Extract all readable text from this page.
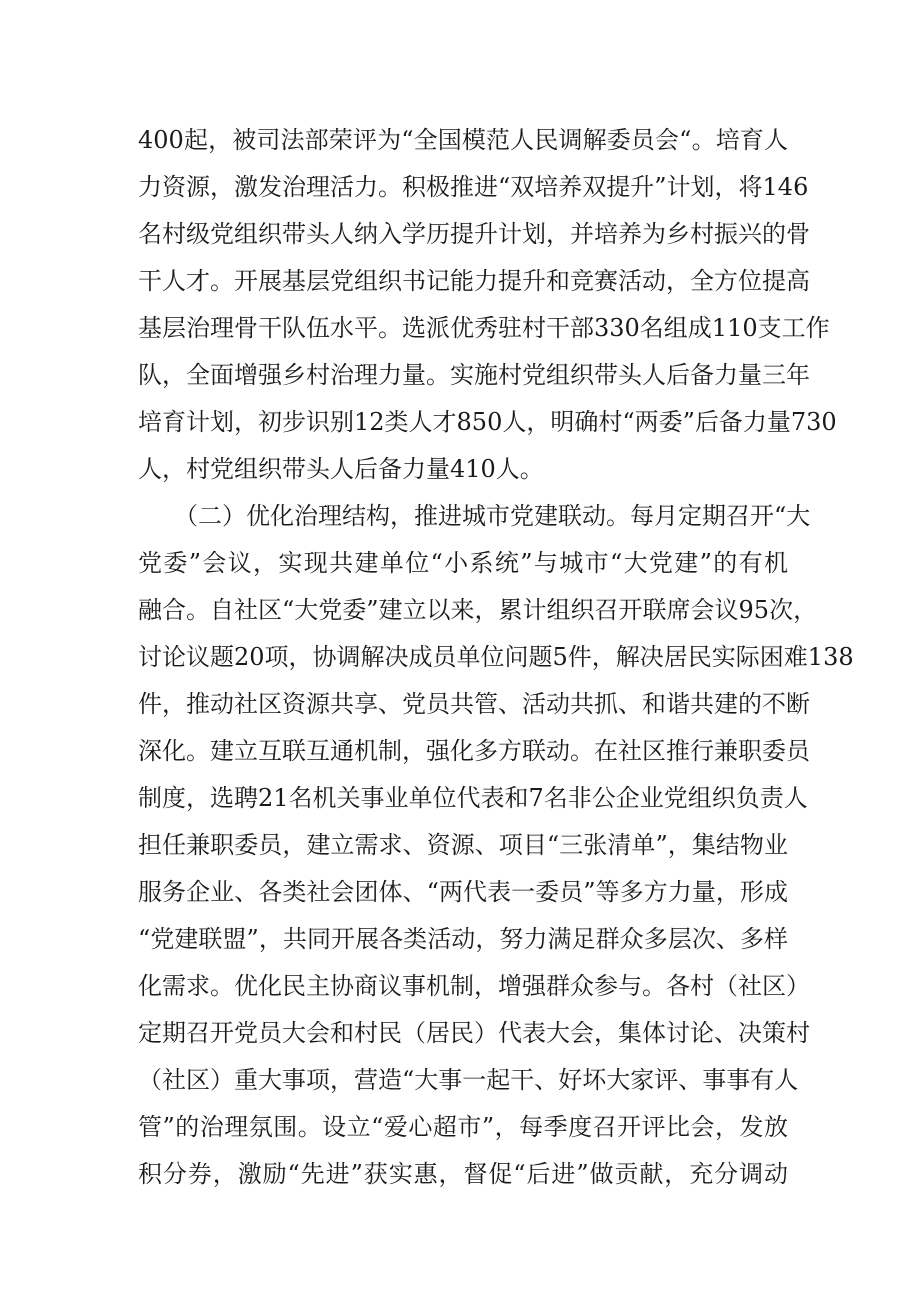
400起，被司法部荣评为“全国模范人民调解委员会“。培育人
力资源，激发治理活力。积极推进“双培养双提升”计划，将146
名村级党组织带头人纳入学历提升计划，并培养为乡村振兴的骨
干人才。开展基层党组织书记能力提升和竞赛活动，全方位提高
基层治理骨干队伍水平。选派优秀驻村干部330名组成110支工作
队，全面增强乡村治理力量。实施村党组织带头人后备力量三年
培育计划，初步识别12类人才850人，明确村“两委”后备力量730
人，村党组织带头人后备力量410人。
　　（二）优化治理结构，推进城市党建联动。每月定期召开“大
党委”会议，实现共建单位“小系统”与城市“大党建”的有机
融合。自社区“大党委”建立以来，累计组织召开联席会议95次，
讨论议题20项，协调解决成员单位问题5件，解决居民实际困难138
件，推动社区资源共享、党员共管、活动共抓、和谐共建的不断
深化。建立互联互通机制，强化多方联动。在社区推行兼职委员
制度，选聘21名机关事业单位代表和7名非公企业党组织负责人
担任兼职委员，建立需求、资源、项目“三张清单”，集结物业
服务企业、各类社会团体、“两代表一委员”等多方力量，形成
“党建联盟”，共同开展各类活动，努力满足群众多层次、多样
化需求。优化民主协商议事机制，增强群众参与。各村（社区）
定期召开党员大会和村民（居民）代表大会，集体讨论、决策村
（社区）重大事项，营造“大事一起干、好坏大家评、事事有人
管”的治理氛围。设立“爱心超市”，每季度召开评比会，发放
积分券，激励“先进”获实惠，督促“后进”做贡献，充分调动
